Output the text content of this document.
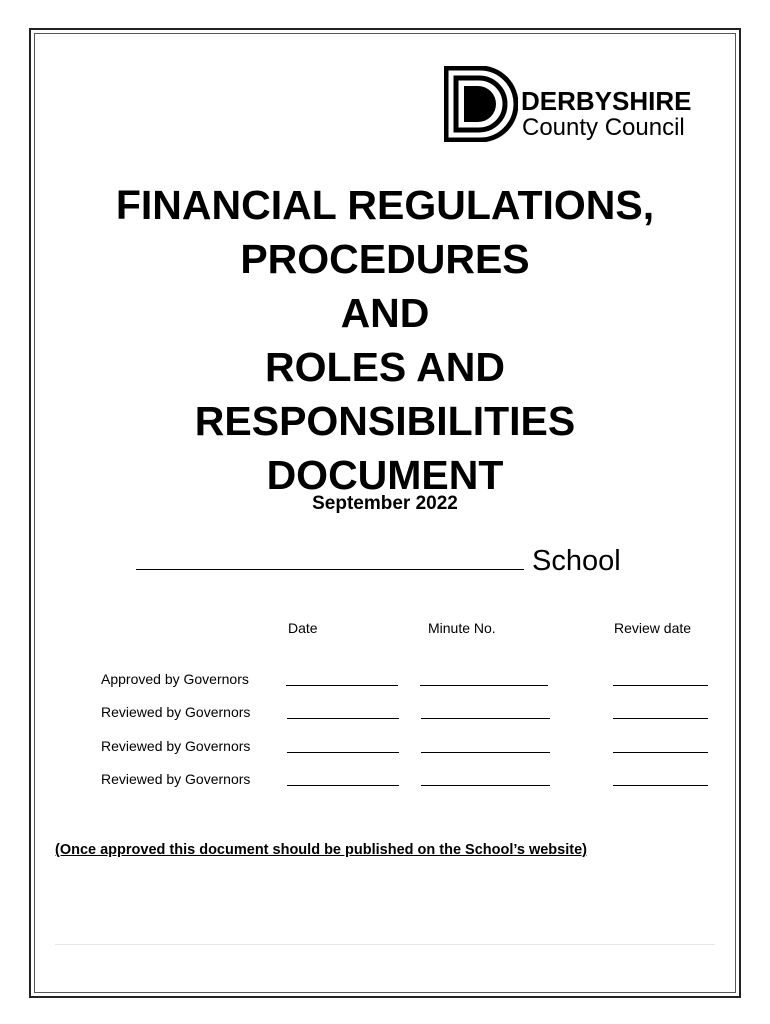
DERBYSHIRE
County Council
FINANCIAL REGULATIONS,
PROCEDURES
AND
ROLES AND
RESPONSIBILITIES
DOCUMENT
September 2022
School
Date	Minute No.	Review date
Approved by Governors
Reviewed by Governors
Reviewed by Governors
Reviewed by Governors
(Once approved this document should be published on the School’s website)
